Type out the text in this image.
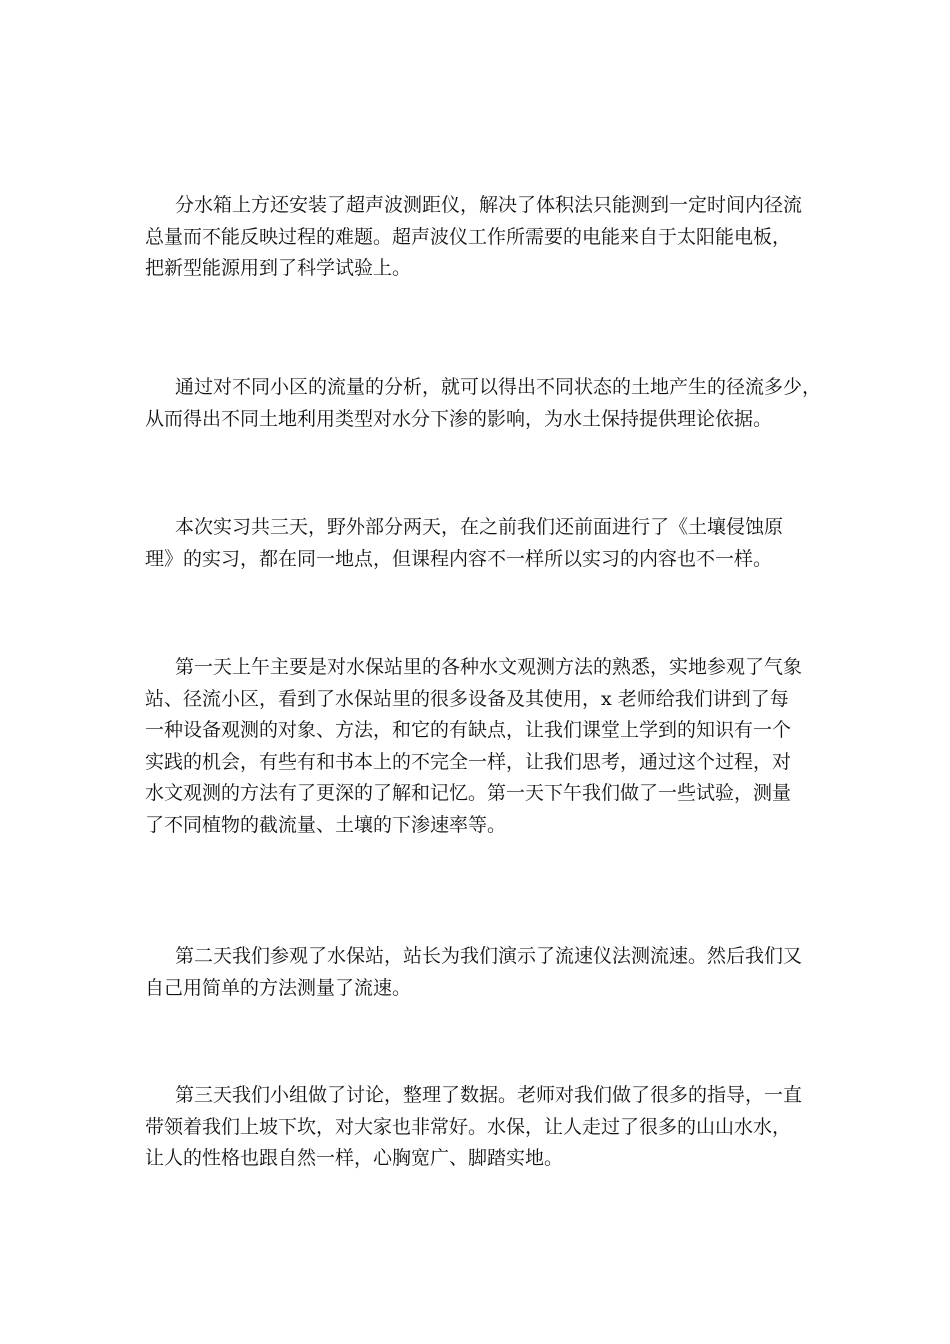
分水箱上方还安装了超声波测距仪，解决了体积法只能测到一定时间内径流
总量而不能反映过程的难题。超声波仪工作所需要的电能来自于太阳能电板，
把新型能源用到了科学试验上。

通过对不同小区的流量的分析，就可以得出不同状态的土地产生的径流多少，
从而得出不同土地利用类型对水分下渗的影响，为水土保持提供理论依据。

本次实习共三天，野外部分两天，在之前我们还前面进行了《土壤侵蚀原
理》的实习，都在同一地点，但课程内容不一样所以实习的内容也不一样。

第一天上午主要是对水保站里的各种水文观测方法的熟悉，实地参观了气象
站、径流小区，看到了水保站里的很多设备及其使用，x 老师给我们讲到了每
一种设备观测的对象、方法，和它的有缺点，让我们课堂上学到的知识有一个
实践的机会，有些有和书本上的不完全一样，让我们思考，通过这个过程，对
水文观测的方法有了更深的了解和记忆。第一天下午我们做了一些试验，测量
了不同植物的截流量、土壤的下渗速率等。

第二天我们参观了水保站，站长为我们演示了流速仪法测流速。然后我们又
自己用简单的方法测量了流速。

第三天我们小组做了讨论，整理了数据。老师对我们做了很多的指导，一直
带领着我们上坡下坎，对大家也非常好。水保，让人走过了很多的山山水水，
让人的性格也跟自然一样，心胸宽广、脚踏实地。
